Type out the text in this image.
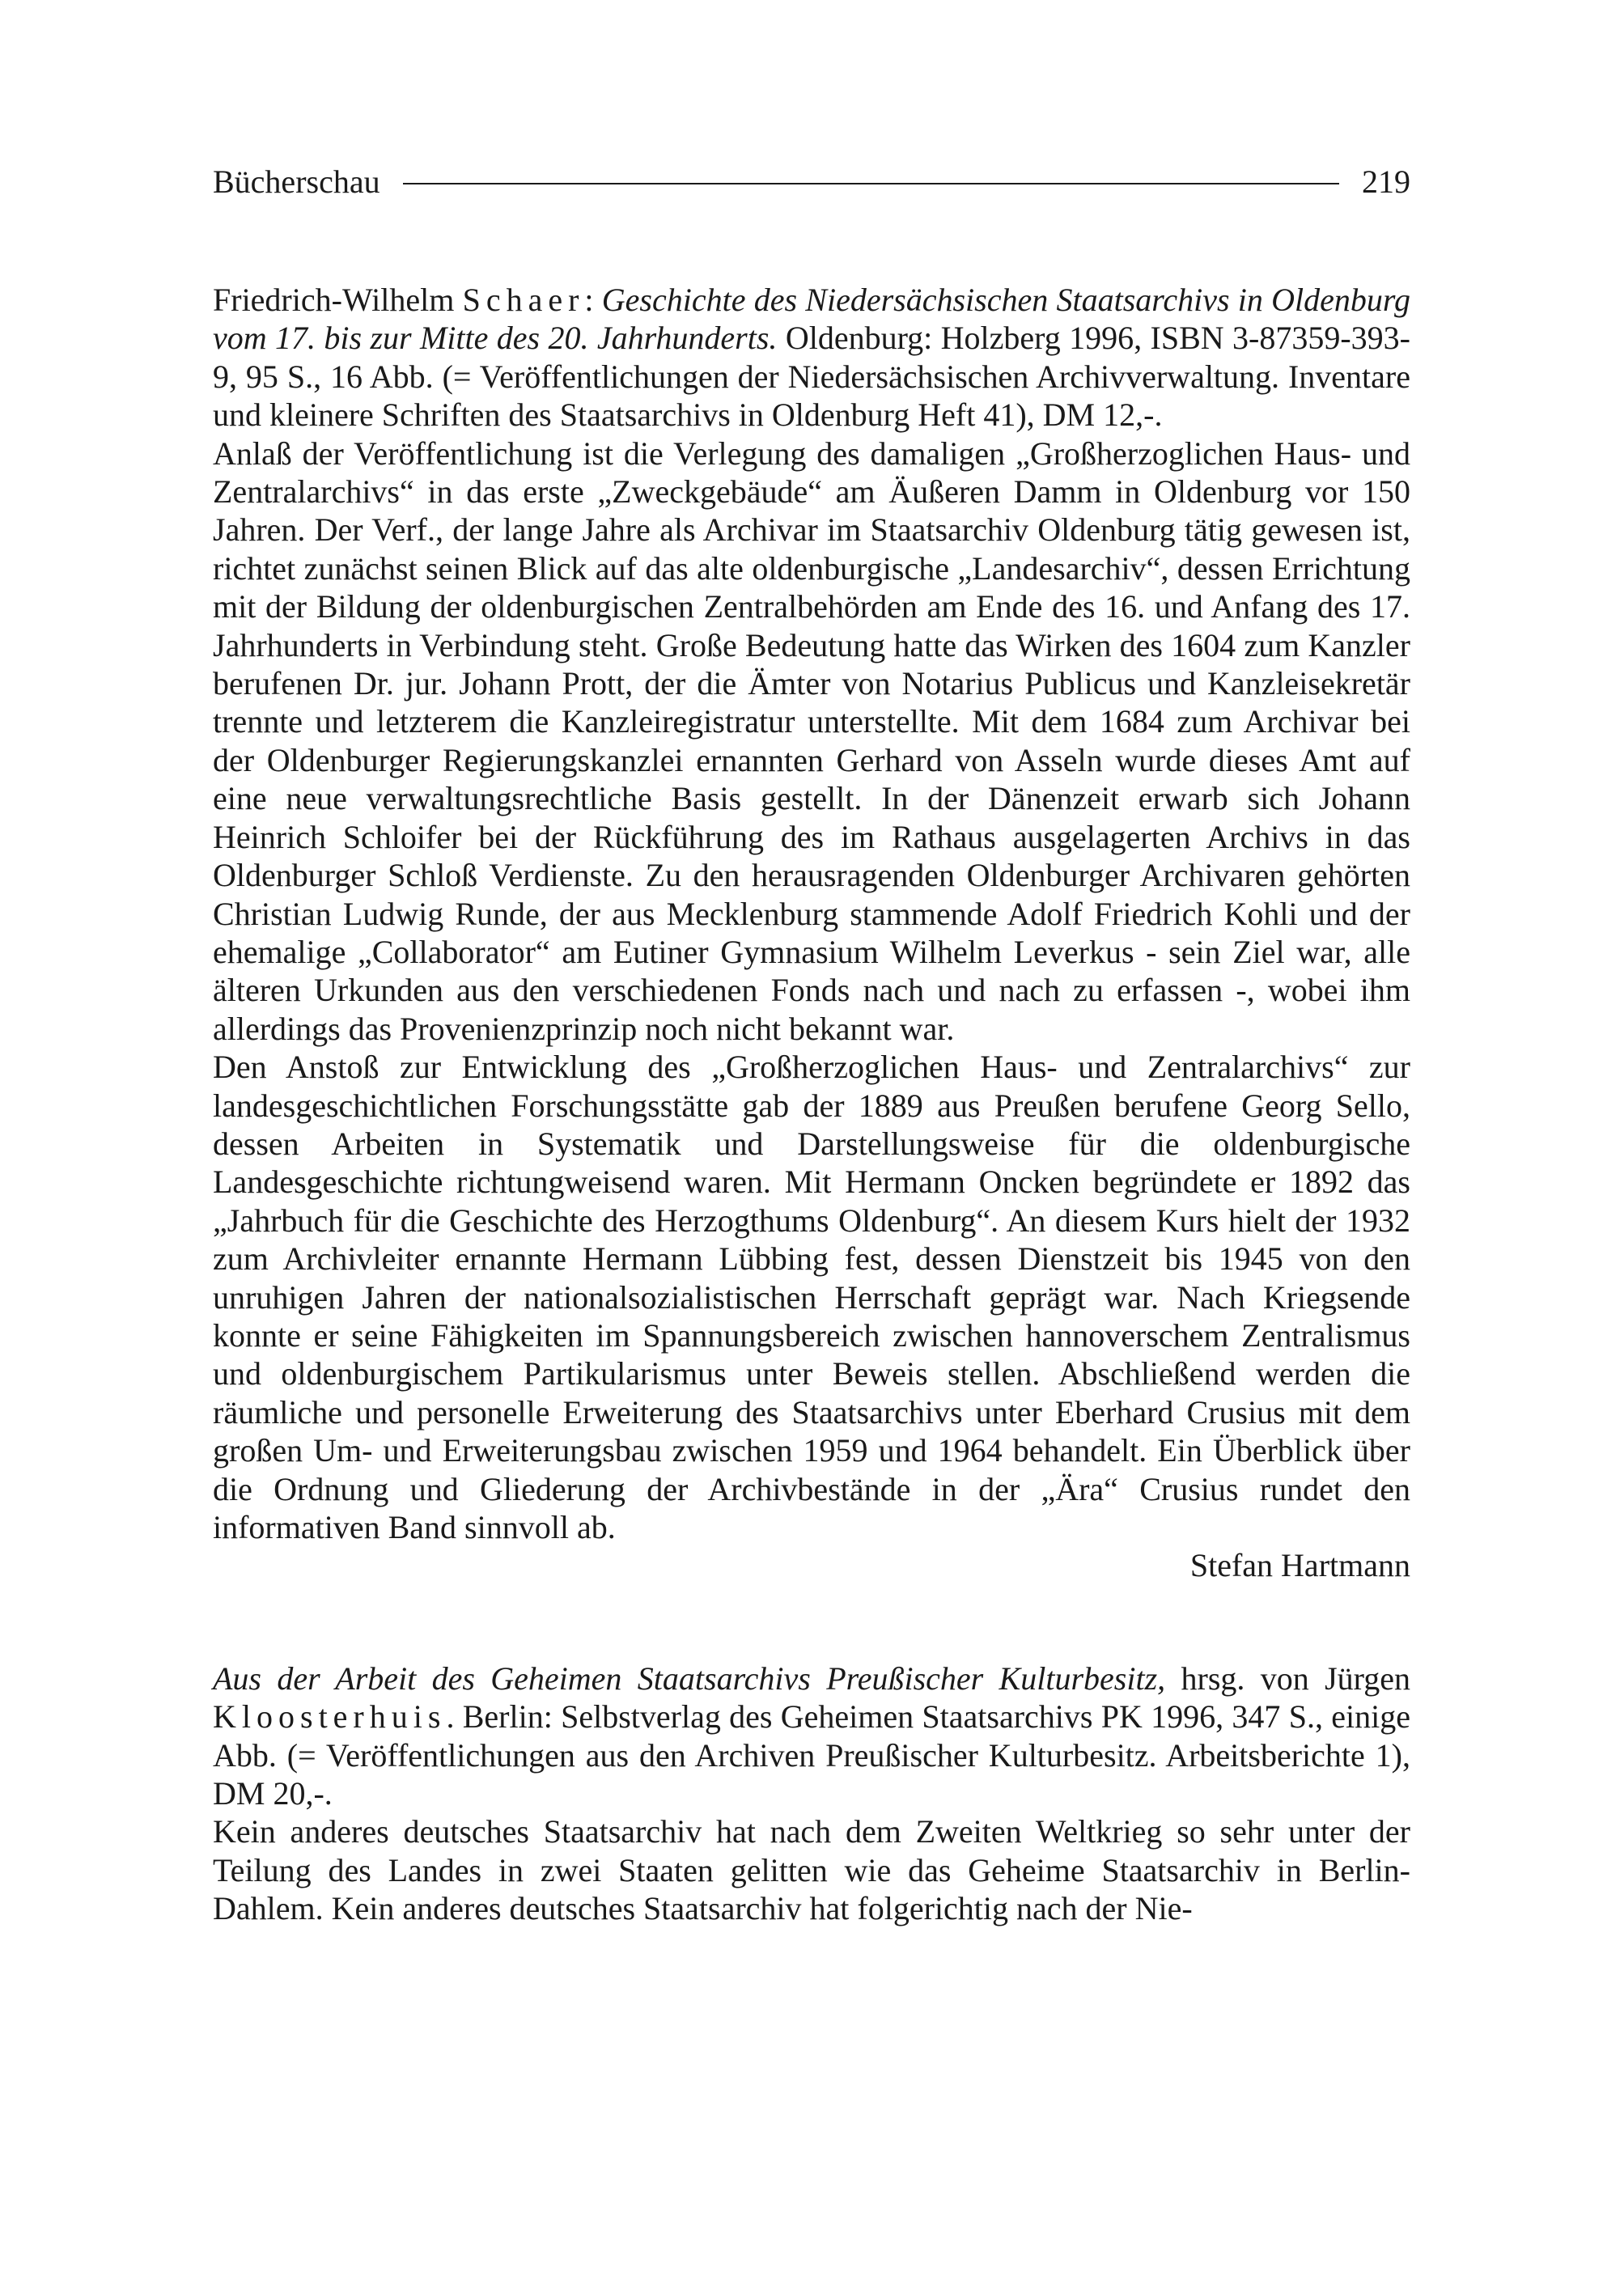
Bücherschau	219

Friedrich-Wilhelm Schaer: Geschichte des Niedersächsischen Staatsarchivs in Oldenburg vom 17. bis zur Mitte des 20. Jahrhunderts. Oldenburg: Holzberg 1996, ISBN 3-87359-393-9, 95 S., 16 Abb. (= Veröffentlichungen der Niedersächsischen Archivverwaltung. Inventare und kleinere Schriften des Staatsarchivs in Oldenburg Heft 41), DM 12,-.

Anlaß der Veröffentlichung ist die Verlegung des damaligen „Großherzoglichen Haus- und Zentralarchivs“ in das erste „Zweckgebäude“ am Äußeren Damm in Oldenburg vor 150 Jahren. Der Verf., der lange Jahre als Archivar im Staatsarchiv Oldenburg tätig gewesen ist, richtet zunächst seinen Blick auf das alte oldenburgische „Landesarchiv“, dessen Errichtung mit der Bildung der oldenburgischen Zentralbehörden am Ende des 16. und Anfang des 17. Jahrhunderts in Verbindung steht. Große Bedeutung hatte das Wirken des 1604 zum Kanzler berufenen Dr. jur. Johann Prott, der die Ämter von Notarius Publicus und Kanzleisekretär trennte und letzterem die Kanzleiregistratur unterstellte. Mit dem 1684 zum Archivar bei der Oldenburger Regierungskanzlei ernannten Gerhard von Asseln wurde dieses Amt auf eine neue verwaltungsrechtliche Basis gestellt. In der Dänenzeit erwarb sich Johann Heinrich Schloifer bei der Rückführung des im Rathaus ausgelagerten Archivs in das Oldenburger Schloß Verdienste. Zu den herausragenden Oldenburger Archivaren gehörten Christian Ludwig Runde, der aus Mecklenburg stammende Adolf Friedrich Kohli und der ehemalige „Collaborator“ am Eutiner Gymnasium Wilhelm Leverkus - sein Ziel war, alle älteren Urkunden aus den verschiedenen Fonds nach und nach zu erfassen -, wobei ihm allerdings das Provenienzprinzip noch nicht bekannt war.

Den Anstoß zur Entwicklung des „Großherzoglichen Haus- und Zentralarchivs“ zur landesgeschichtlichen Forschungsstätte gab der 1889 aus Preußen berufene Georg Sello, dessen Arbeiten in Systematik und Darstellungsweise für die oldenburgische Landesgeschichte richtungweisend waren. Mit Hermann Oncken begründete er 1892 das „Jahrbuch für die Geschichte des Herzogthums Oldenburg“. An diesem Kurs hielt der 1932 zum Archivleiter ernannte Hermann Lübbing fest, dessen Dienstzeit bis 1945 von den unruhigen Jahren der nationalsozialistischen Herrschaft geprägt war. Nach Kriegsende konnte er seine Fähigkeiten im Spannungsbereich zwischen hannoverschem Zentralismus und oldenburgischem Partikularismus unter Beweis stellen. Abschließend werden die räumliche und personelle Erweiterung des Staatsarchivs unter Eberhard Crusius mit dem großen Um- und Erweiterungsbau zwischen 1959 und 1964 behandelt. Ein Überblick über die Ordnung und Gliederung der Archivbestände in der „Ära“ Crusius rundet den informativen Band sinnvoll ab.

Stefan Hartmann

Aus der Arbeit des Geheimen Staatsarchivs Preußischer Kulturbesitz, hrsg. von Jürgen Kloosterhuis. Berlin: Selbstverlag des Geheimen Staatsarchivs PK 1996, 347 S., einige Abb. (= Veröffentlichungen aus den Archiven Preußischer Kulturbesitz. Arbeitsberichte 1), DM 20,-.

Kein anderes deutsches Staatsarchiv hat nach dem Zweiten Weltkrieg so sehr unter der Teilung des Landes in zwei Staaten gelitten wie das Geheime Staatsarchiv in Berlin-Dahlem. Kein anderes deutsches Staatsarchiv hat folgerichtig nach der Nie-
